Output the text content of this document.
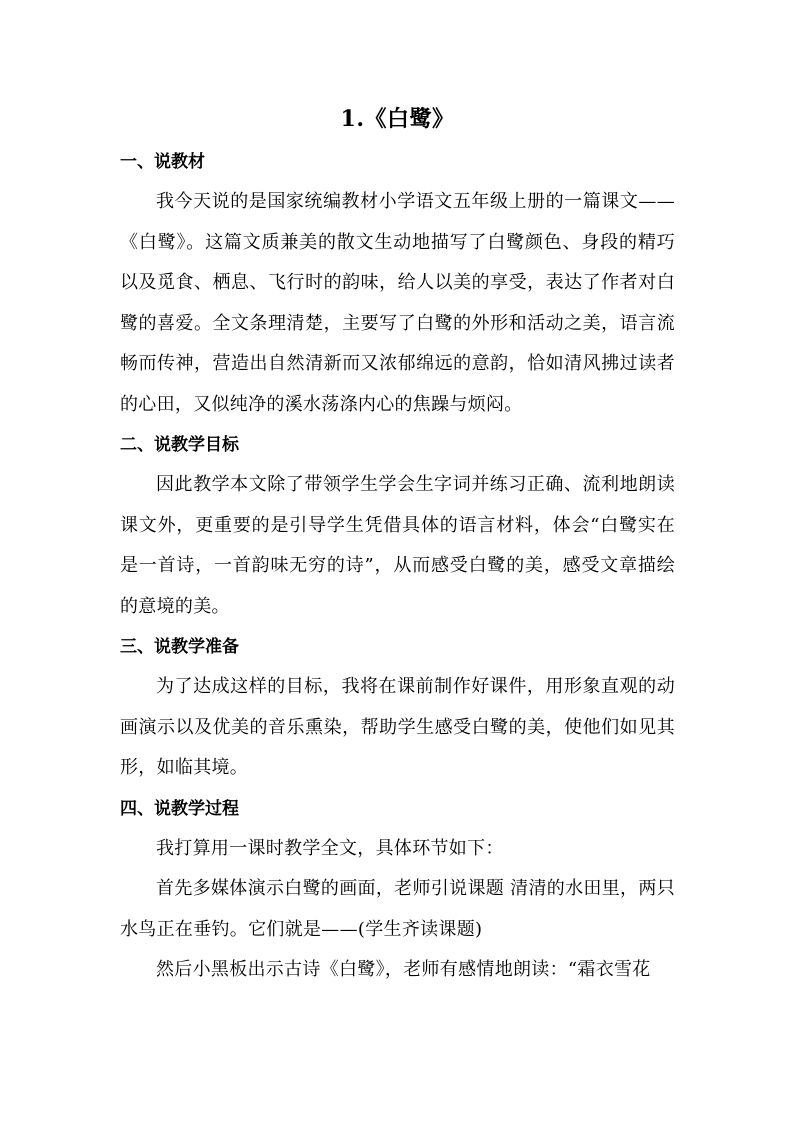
1.《白鹭》
一、说教材

我今天说的是国家统编教材小学语文五年级上册的一篇课文——《白鹭》。这篇文质兼美的散文生动地描写了白鹭颜色、身段的精巧以及觅食、栖息、飞行时的韵味，给人以美的享受，表达了作者对白鹭的喜爱。全文条理清楚，主要写了白鹭的外形和活动之美，语言流畅而传神，营造出自然清新而又浓郁绵远的意韵，恰如清风拂过读者的心田，又似纯净的溪水荡涤内心的焦躁与烦闷。

二、说教学目标

因此教学本文除了带领学生学会生字词并练习正确、流利地朗读课文外，更重要的是引导学生凭借具体的语言材料，体会“白鹭实在是一首诗，一首韵味无穷的诗”，从而感受白鹭的美，感受文章描绘的意境的美。

三、说教学准备

为了达成这样的目标，我将在课前制作好课件，用形象直观的动画演示以及优美的音乐熏染，帮助学生感受白鹭的美，使他们如见其形，如临其境。

四、说教学过程

我打算用一课时教学全文，具体环节如下：

首先多媒体演示白鹭的画面，老师引说课题 清清的水田里，两只水鸟正在垂钓。它们就是——(学生齐读课题)

然后小黑板出示古诗《白鹭》，老师有感情地朗读：“霜衣雪花
